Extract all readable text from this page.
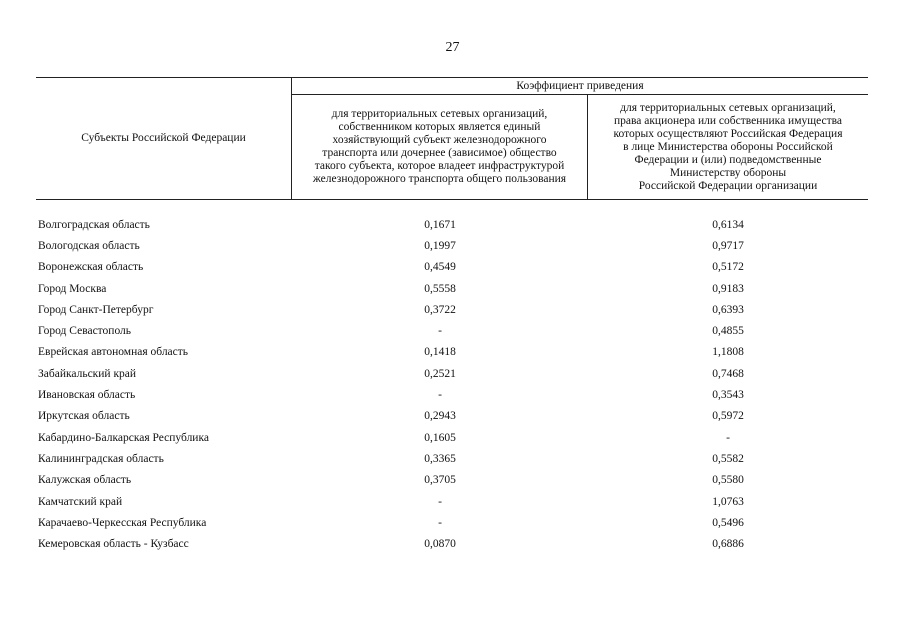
27
Субъекты Российской Федерации
Коэффициент приведения
для территориальных сетевых организаций,
собственником которых является единый
хозяйствующий субъект железнодорожного
транспорта или дочернее (зависимое) общество
такого субъекта, которое владеет инфраструктурой
железнодорожного транспорта общего пользования
для территориальных сетевых организаций,
права акционера или собственника имущества
которых осуществляют Российская Федерация
в лице Министерства обороны Российской
Федерации и (или) подведомственные
Министерству обороны
Российской Федерации организации
Волгоградская область	0,1671	0,6134
Вологодская область	0,1997	0,9717
Воронежская область	0,4549	0,5172
Город Москва	0,5558	0,9183
Город Санкт-Петербург	0,3722	0,6393
Город Севастополь	-	0,4855
Еврейская автономная область	0,1418	1,1808
Забайкальский край	0,2521	0,7468
Ивановская область	-	0,3543
Иркутская область	0,2943	0,5972
Кабардино-Балкарская Республика	0,1605	-
Калининградская область	0,3365	0,5582
Калужская область	0,3705	0,5580
Камчатский край	-	1,0763
Карачаево-Черкесская Республика	-	0,5496
Кемеровская область - Кузбасс	0,0870	0,6886
